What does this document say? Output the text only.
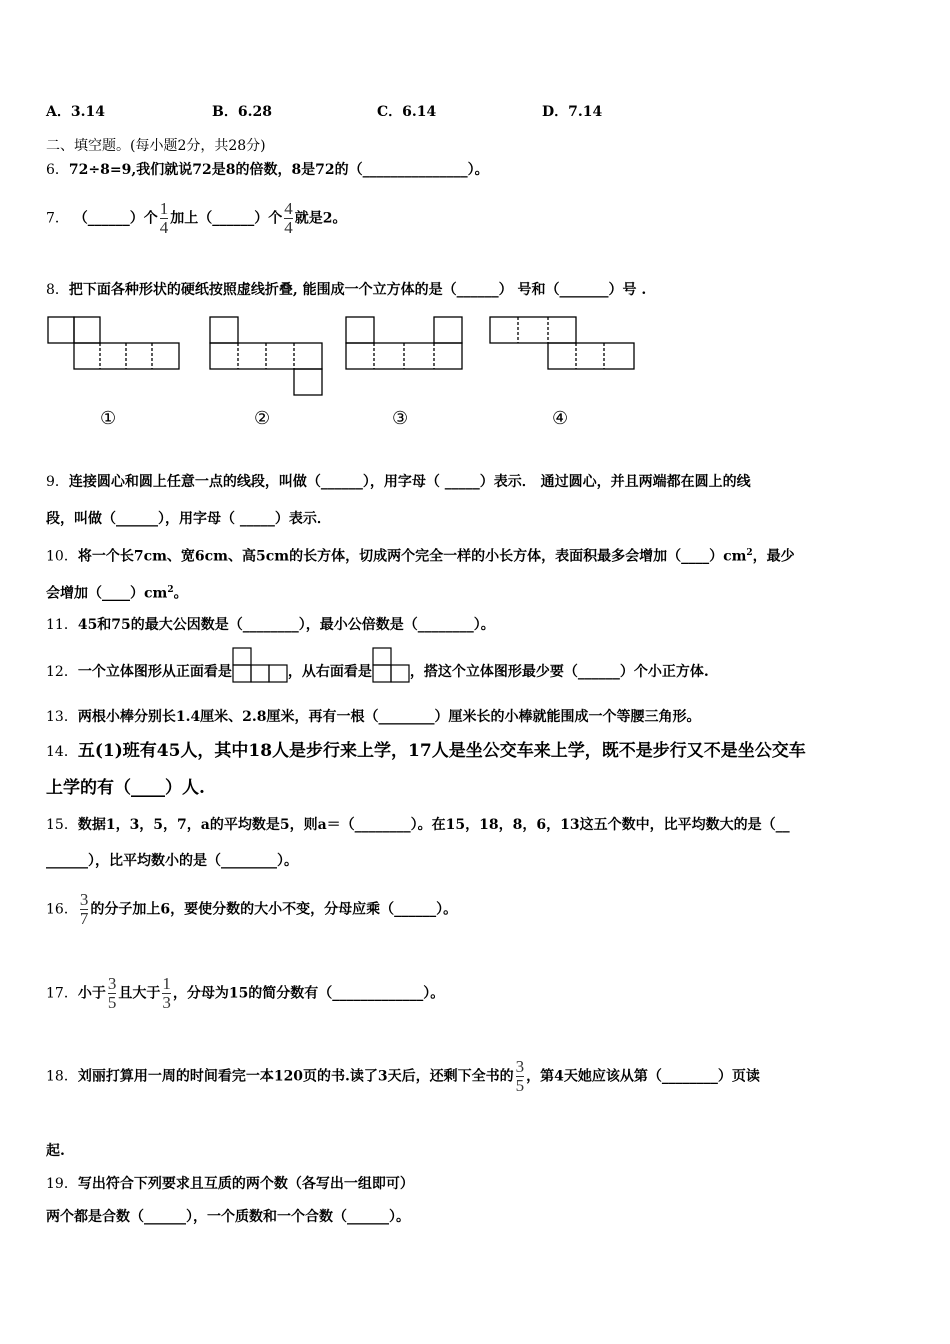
A．3.14	B．6.28	C．6.14	D．7.14
二、填空题。(每小题2分，共28分)
6．72÷8=9,我们就说72是8的倍数，8是72的（_______________）。
7． （______）个 $\frac{1}{4}$ 加上（______）个 $\frac{4}{4}$ 就是2。
8．把下面各种形状的硬纸按照虚线折叠, 能围成一个立方体的是（______） 号和（_______）号 .
①	②	③	④
9．连接圆心和圆上任意一点的线段，叫做（______），用字母（ _____）表示． 通过圆心，并且两端都在圆上的线
段，叫做（______），用字母（ _____）表示．
10．将一个长7cm、宽6cm、高5cm的长方体，切成两个完全一样的小长方体，表面积最多会增加$(\_\_\_\_)cm^2$，最少
会增加$(\_\_\_\_)cm^2$。
11．45和75的最大公因数是（________），最小公倍数是（________）。
12．一个立体图形从正面看是	，从右面看是	，搭这个立体图形最少要（______）个小正方体.
13．两根小棒分别长1.4厘米、2.8厘米，再有一根（________）厘米长的小棒就能围成一个等腰三角形。
14．五(1)班有45人，其中18人是步行来上学，17人是坐公交车来上学，既不是步行又不是坐公交车
上学的有（____）人.
15．数据1，3，5，7，a的平均数是5，则a＝（________）。在15，18，8，6，13这五个数中，比平均数大的是（__
______），比平均数小的是（________）。
16． $\frac{3}{7}$ 的分子加上6，要使分数的大小不变，分母应乘（______）。
17．小于 $\frac{3}{5}$ 且大于 $\frac{1}{3}$ ，分母为15的简分数有（_____________）。
18．刘丽打算用一周的时间看完一本120页的书.读了3天后，还剩下全书的 $\frac{3}{5}$ ，第4天她应该从第（________）页读
起.
19．写出符合下列要求且互质的两个数（各写出一组即可）
两个都是合数（______），一个质数和一个合数（______）。
